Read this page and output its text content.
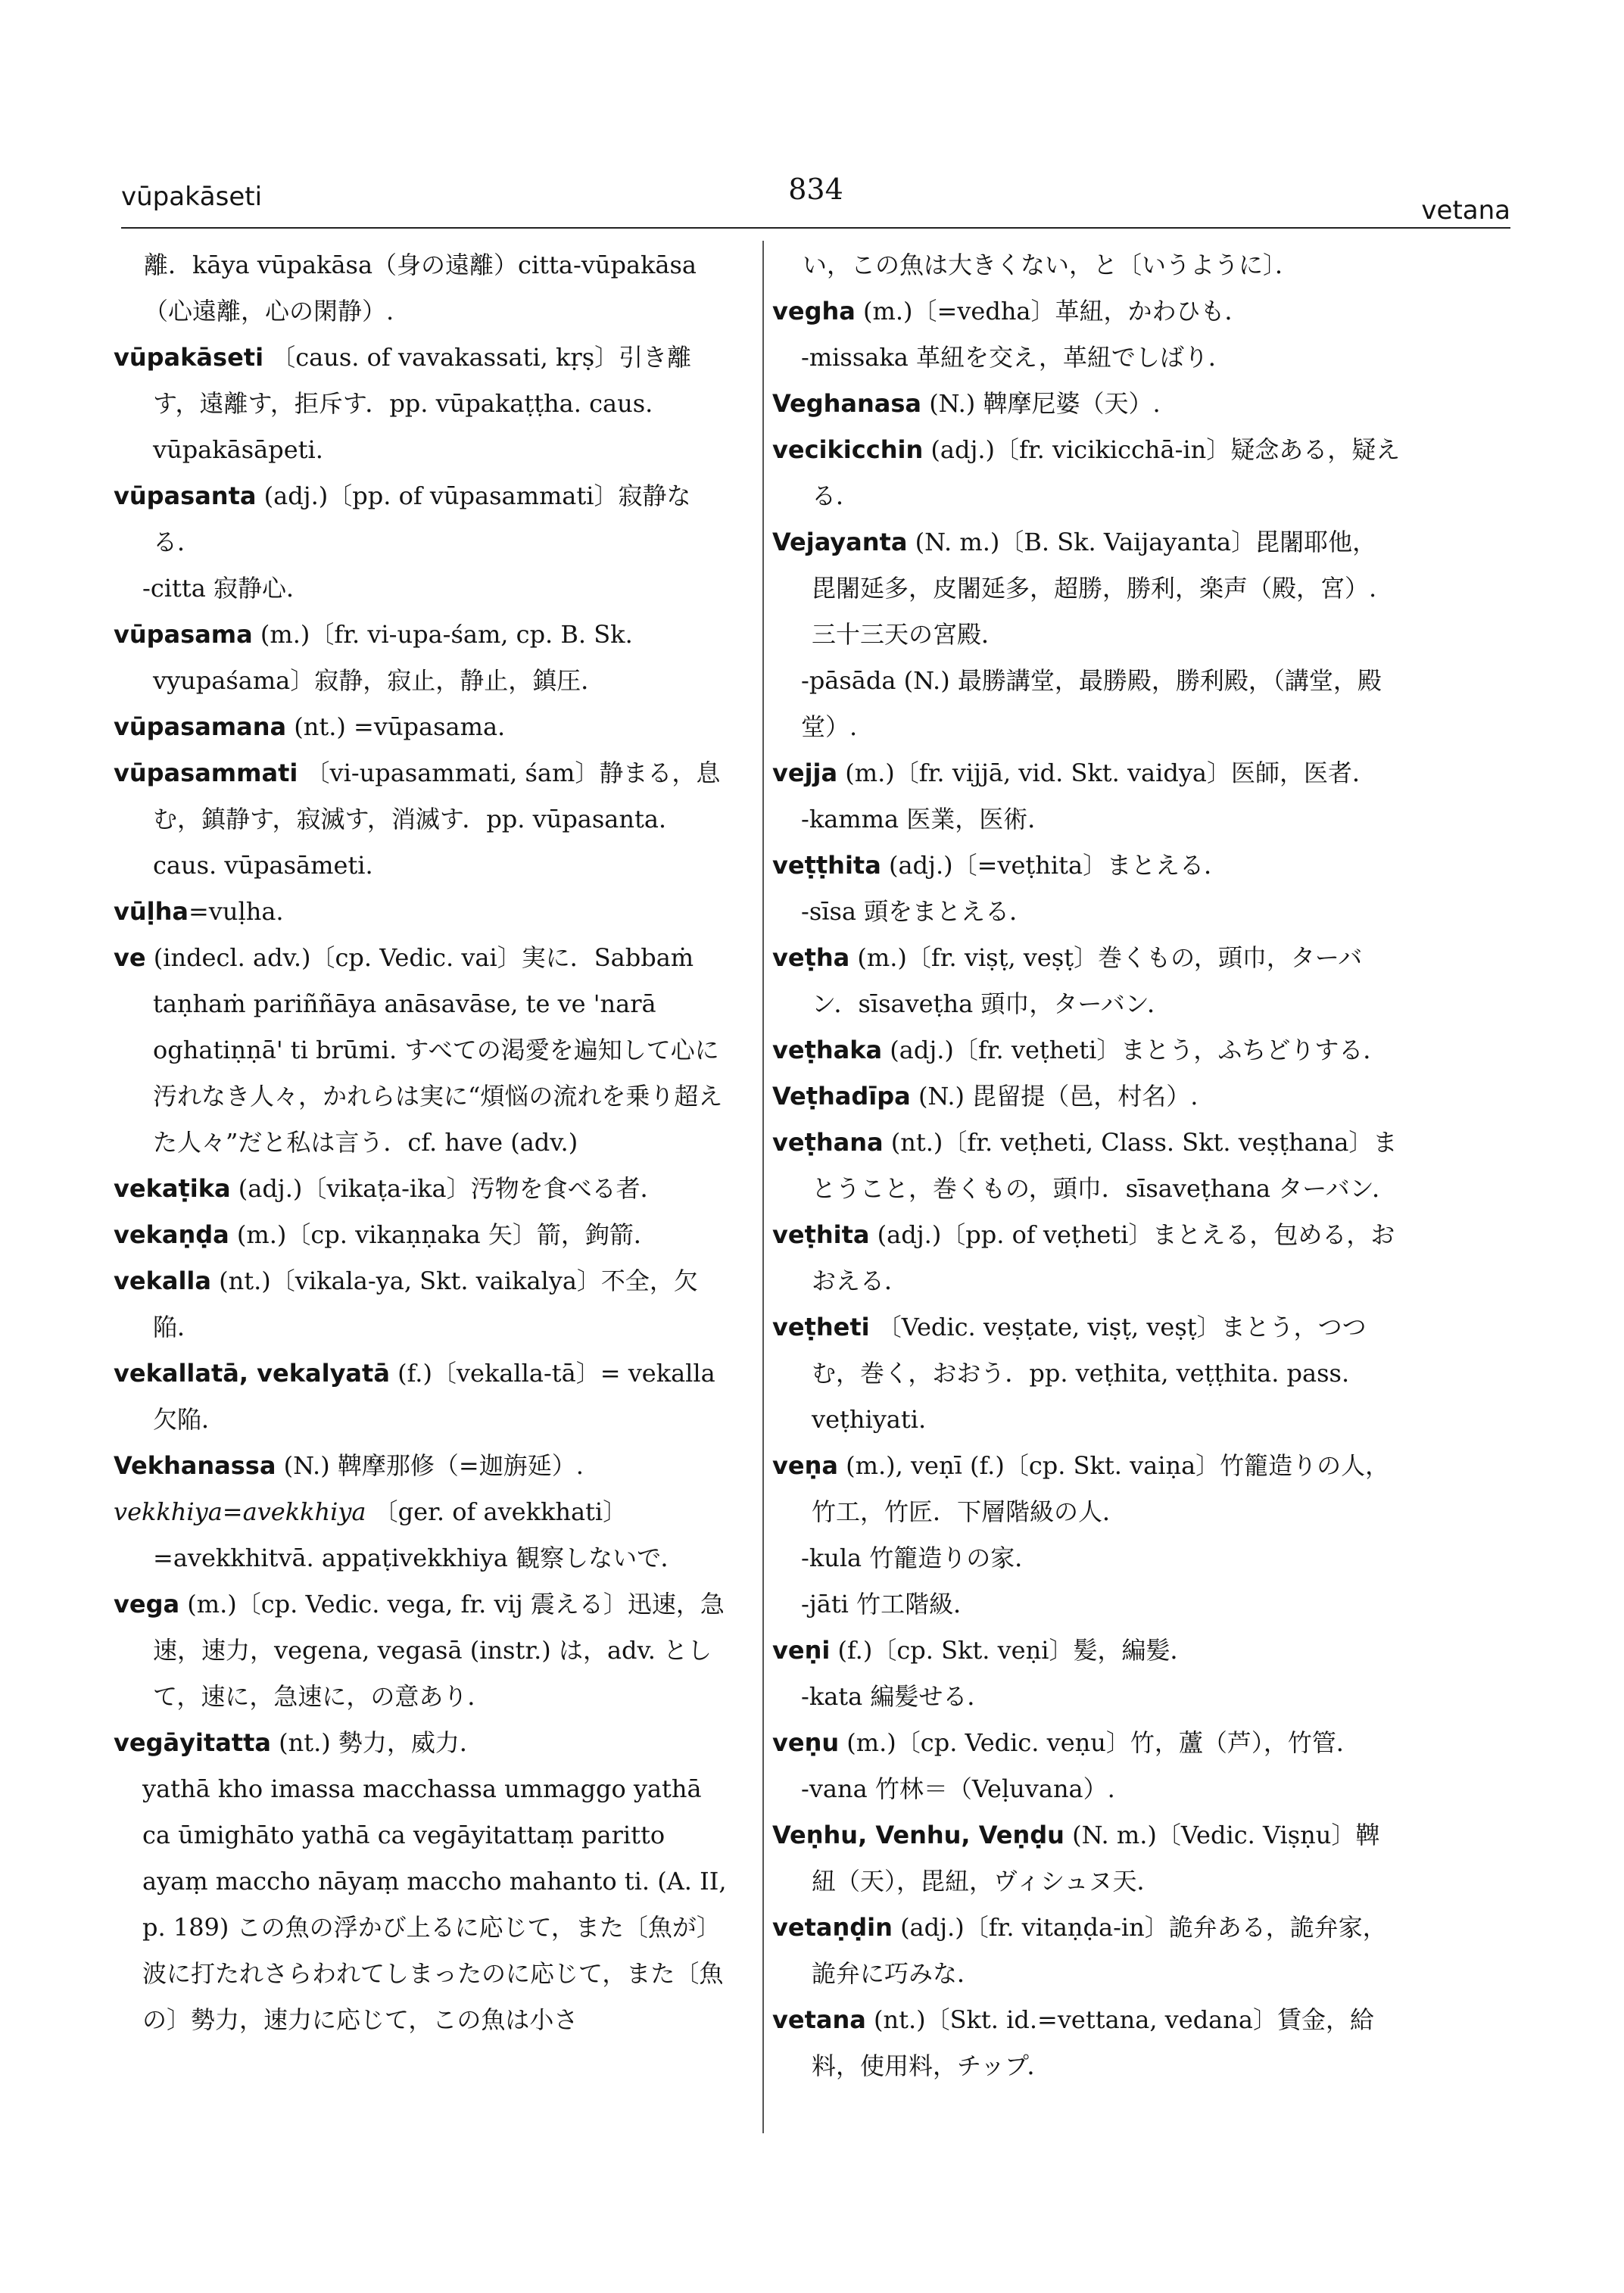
vūpakāseti	834
vetana

離．kāya vūpakāsa（身の遠離）citta-vūpakāsa（心遠離，心の閑静）.

vūpakāseti 〔caus. of vavakassati, kṛṣ〕引き離す，遠離す，拒斥す．pp. vūpakaṭṭha. caus. vūpakāsāpeti.

vūpasanta (adj.)〔pp. of vūpasammati〕寂静なる．

-citta 寂静心．

vūpasama (m.)〔fr. vi-upa-śam, cp. B. Sk. vyupaśama〕寂静，寂止，静止，鎮圧．

vūpasamana (nt.) =vūpasama.

vūpasammati 〔vi-upasammati, śam〕静まる，息む，鎮静す，寂滅す，消滅す．pp. vūpasanta. caus. vūpasāmeti.

vūḷha=vuḷha.

ve (indecl. adv.)〔cp. Vedic. vai〕実に．Sabbaṁ taṇhaṁ pariññāya anāsavāse, te ve 'narā oghatiṇṇā' ti brūmi. すべての渇愛を遍知して心に汚れなき人々，かれらは実に“煩悩の流れを乗り超えた人々”だと私は言う．cf. have (adv.)

vekaṭika (adj.)〔vikaṭa-ika〕汚物を食べる者．

vekaṇḍa (m.)〔cp. vikaṇṇaka 矢〕箭，鉤箭．

vekalla (nt.)〔vikala-ya, Skt. vaikalya〕不全，欠陥．

vekallatā, vekalyatā (f.)〔vekalla-tā〕= vekalla 欠陥．

Vekhanassa (N.) 鞞摩那修（=迦旃延）.

vekkhiya=avekkhiya 〔ger. of avekkhati〕=avekkhitvā. appaṭivekkhiya 観察しないで．

vega (m.)〔cp. Vedic. vega, fr. vij 震える〕迅速，急速，速力，vegena, vegasā (instr.) は，adv. として，速に，急速に，の意あり．

vegāyitatta (nt.) 勢力，威力．

yathā kho imassa macchassa ummaggo yathā ca ūmighāto yathā ca vegāyitattaṃ paritto ayaṃ maccho nāyaṃ maccho mahanto ti. (A. II, p. 189) この魚の浮かび上るに応じて，また〔魚が〕波に打たれさらわれてしまったのに応じて，また〔魚の〕勢力，速力に応じて，この魚は小さ

い，この魚は大きくない，と〔いうように〕．

vegha (m.)〔=vedha〕革紐，かわひも．

-missaka 革紐を交え，革紐でしばり．

Veghanasa (N.) 鞞摩尼婆（天）.

vecikicchin (adj.)〔fr. vicikicchā-in〕疑念ある，疑える．

Vejayanta (N. m.)〔B. Sk. Vaijayanta〕毘闍耶他，毘闍延多，皮闍延多，超勝，勝利，楽声（殿，宮）. 三十三天の宮殿．

-pāsāda (N.) 最勝講堂，最勝殿，勝利殿，（講堂，殿堂）.

vejja (m.)〔fr. vijjā, vid. Skt. vaidya〕医師，医者．

-kamma 医業，医術．

veṭṭhita (adj.)〔=veṭhita〕まとえる．

-sīsa 頭をまとえる．

veṭha (m.)〔fr. viṣṭ, veṣṭ〕巻くもの，頭巾，ターバン．sīsaveṭha 頭巾，ターバン．

veṭhaka (adj.)〔fr. veṭheti〕まとう，ふちどりする．

Veṭhadīpa (N.) 毘留提（邑，村名）.

veṭhana (nt.)〔fr. veṭheti, Class. Skt. veṣṭhana〕まとうこと，巻くもの，頭巾．sīsaveṭhana ターバン．

veṭhita (adj.)〔pp. of veṭheti〕まとえる，包める，おおえる．

veṭheti 〔Vedic. veṣṭate, viṣṭ, veṣṭ〕まとう，つつむ，巻く，おおう．pp. veṭhita, veṭṭhita. pass. veṭhiyati.

veṇa (m.), veṇī (f.)〔cp. Skt. vaiṇa〕竹籠造りの人，竹工，竹匠．下層階級の人．

-kula 竹籠造りの家．

-jāti 竹工階級．

veṇi (f.)〔cp. Skt. veṇi〕髪，編髪．

-kata 編髪せる．

veṇu (m.)〔cp. Vedic. veṇu〕竹，蘆（芦），竹管．

-vana 竹林＝（Veḷuvana）.

Veṇhu, Venhu, Veṇḍu (N. m.)〔Vedic. Viṣṇu〕鞞紐（天），毘紐，ヴィシュヌ天．

vetaṇḍin (adj.)〔fr. vitaṇḍa-in〕詭弁ある，詭弁家，詭弁に巧みな．

vetana (nt.)〔Skt. id.=vettana, vedana〕賃金，給料，使用料，チップ．
